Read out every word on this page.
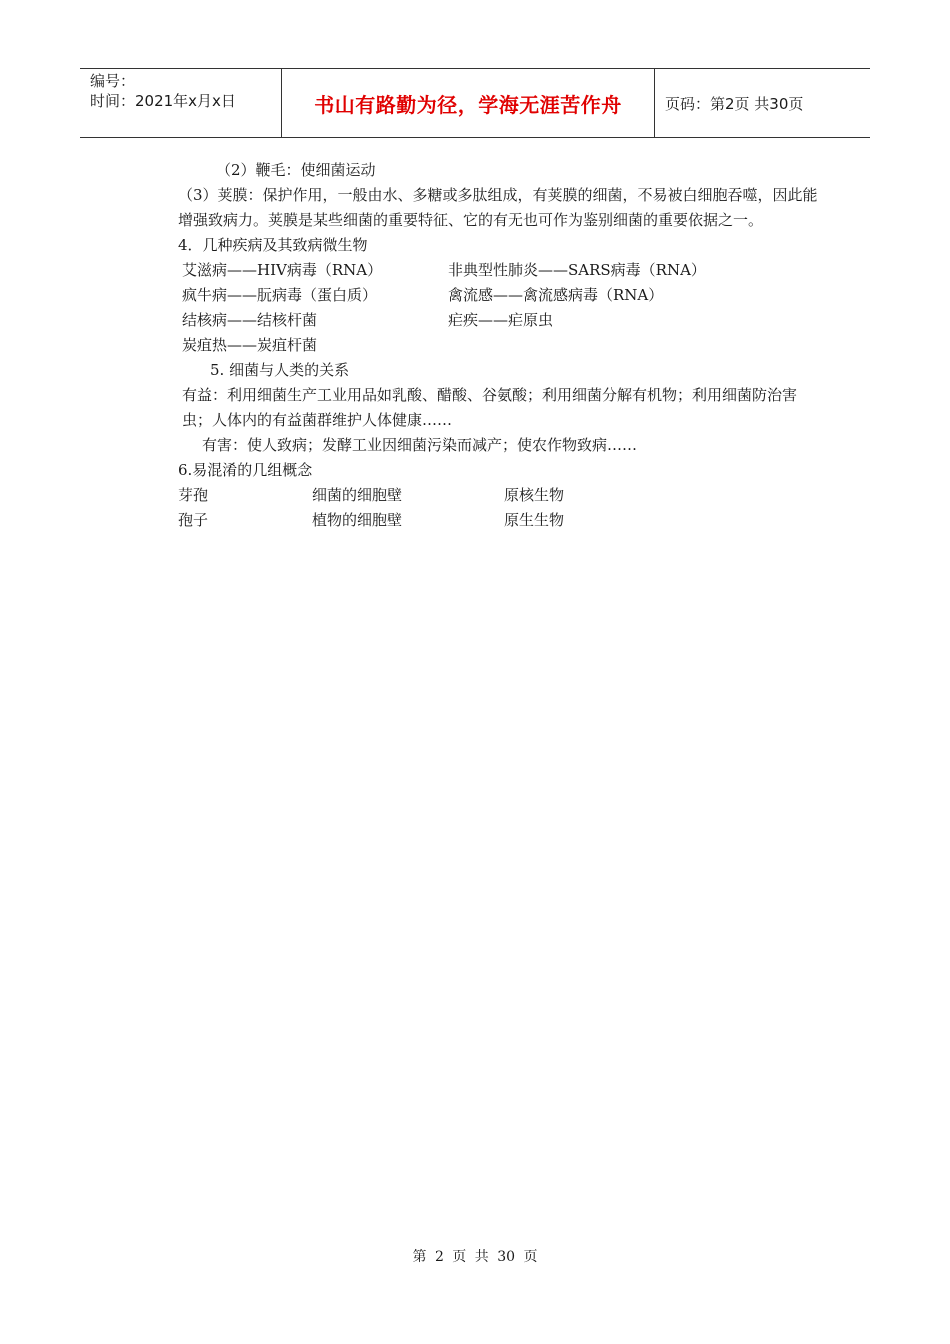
编号：
时间：2021年x月x日	书山有路勤为径，学海无涯苦作舟	页码：第2页 共30页
（2）鞭毛：使细菌运动
（3）荚膜：保护作用，一般由水、多糖或多肽组成，有荚膜的细菌，不易被白细胞吞噬，因此能增强致病力。荚膜是某些细菌的重要特征、它的有无也可作为鉴别细菌的重要依据之一。
4．几种疾病及其致病微生物
艾滋病——HIV病毒（RNA）	非典型性肺炎——SARS病毒（RNA）
疯牛病——朊病毒（蛋白质）	禽流感——禽流感病毒（RNA）
结核病——结核杆菌	疟疾——疟原虫
炭疽热——炭疽杆菌
5. 细菌与人类的关系
有益：利用细菌生产工业用品如乳酸、醋酸、谷氨酸；利用细菌分解有机物；利用细菌防治害虫；人体内的有益菌群维护人体健康……
有害：使人致病；发酵工业因细菌污染而减产；使农作物致病……
6.易混淆的几组概念
芽孢	细菌的细胞壁	原核生物
孢子	植物的细胞壁	原生生物
第 2 页 共 30 页
